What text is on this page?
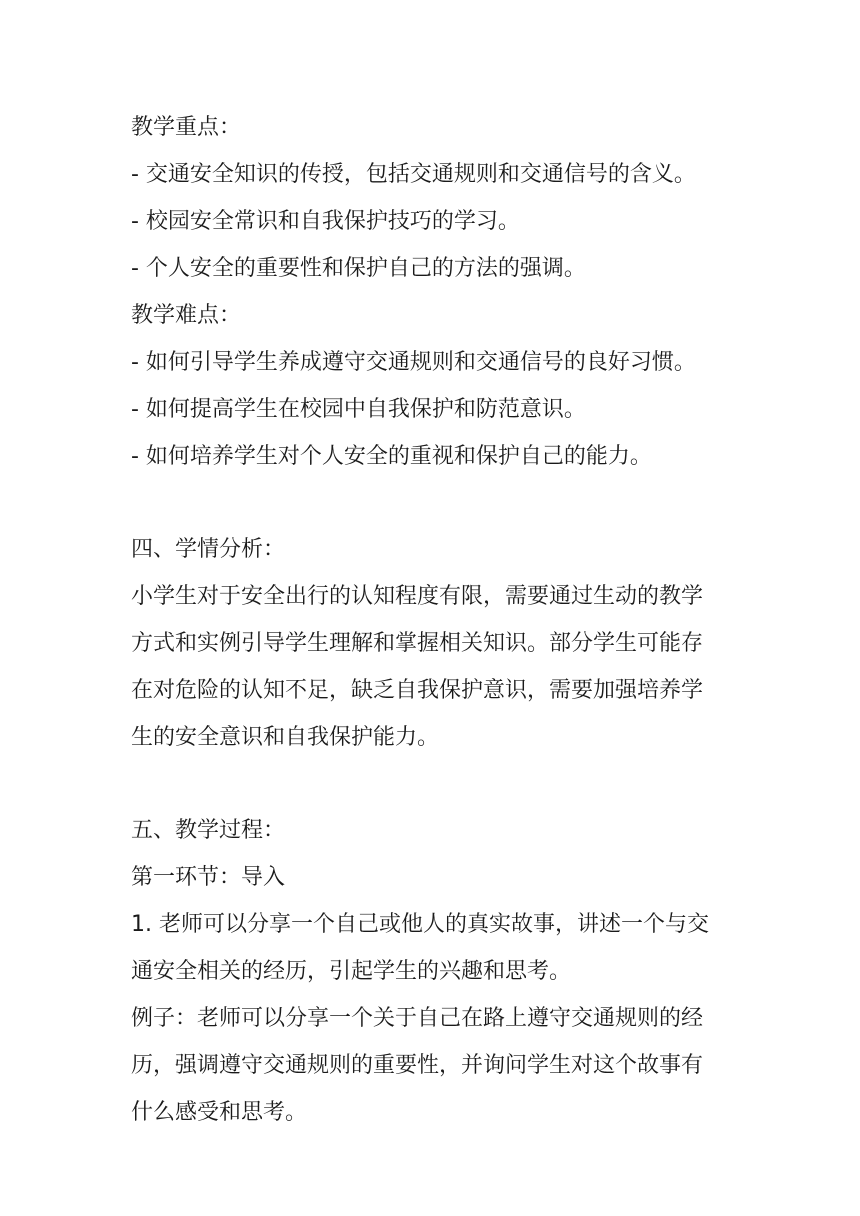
教学重点：

- 交通安全知识的传授，包括交通规则和交通信号的含义。

- 校园安全常识和自我保护技巧的学习。

- 个人安全的重要性和保护自己的方法的强调。

教学难点：

- 如何引导学生养成遵守交通规则和交通信号的良好习惯。

- 如何提高学生在校园中自我保护和防范意识。

- 如何培养学生对个人安全的重视和保护自己的能力。

四、学情分析：

小学生对于安全出行的认知程度有限，需要通过生动的教学

方式和实例引导学生理解和掌握相关知识。部分学生可能存

在对危险的认知不足，缺乏自我保护意识，需要加强培养学

生的安全意识和自我保护能力。

五、教学过程：

第一环节：导入

1. 老师可以分享一个自己或他人的真实故事，讲述一个与交

通安全相关的经历，引起学生的兴趣和思考。

例子：老师可以分享一个关于自己在路上遵守交通规则的经

历，强调遵守交通规则的重要性，并询问学生对这个故事有

什么感受和思考。
